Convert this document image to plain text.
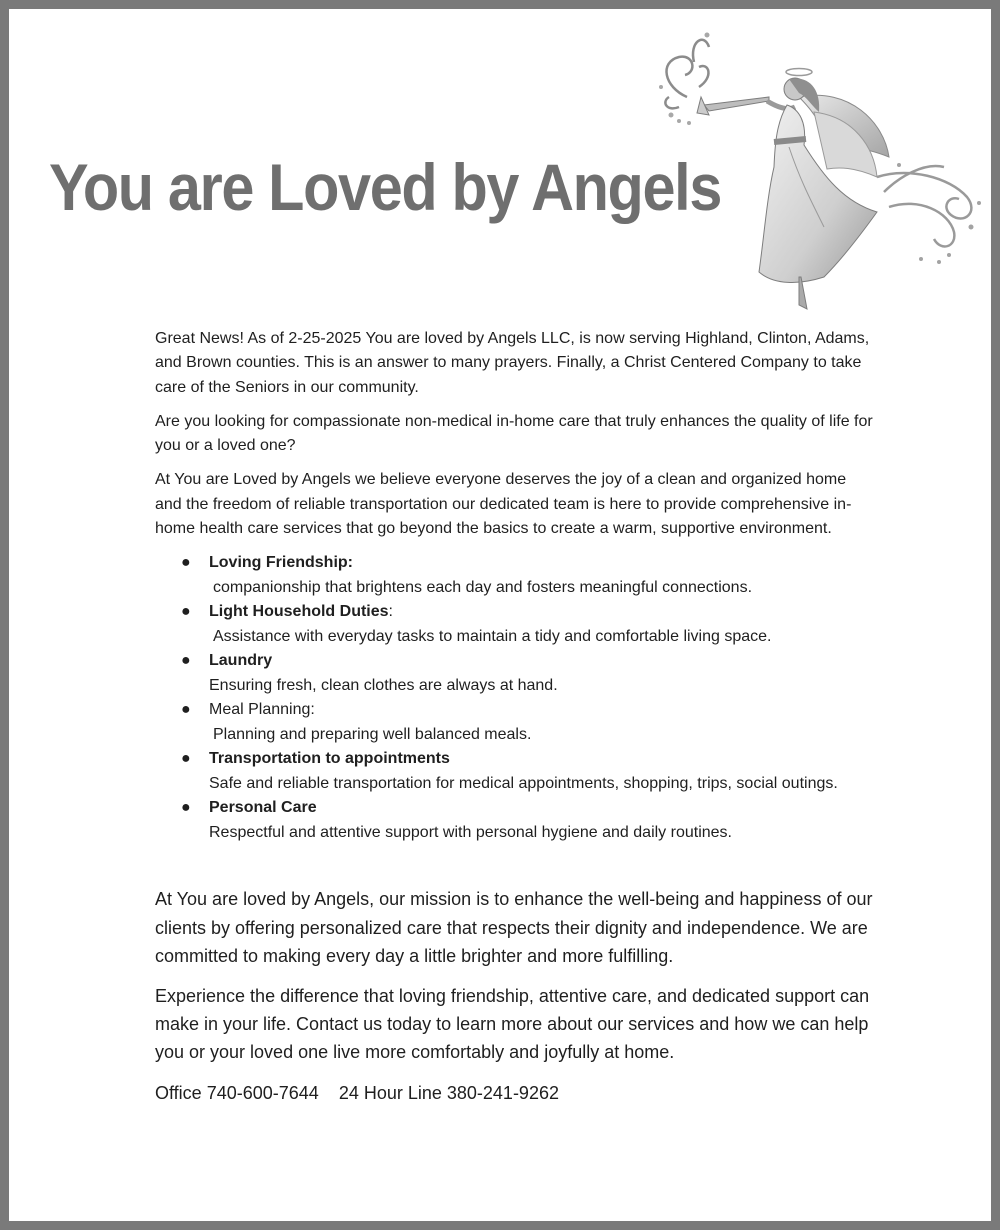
You are Loved by Angels

Great News! As of 2-25-2025 You are loved by Angels LLC, is now serving Highland, Clinton, Adams, and Brown counties. This is an answer to many prayers. Finally, a Christ Centered Company to take care of the Seniors in our community.

Are you looking for compassionate non-medical in-home care that truly enhances the quality of life for you or a loved one?

At You are Loved by Angels we believe everyone deserves the joy of a clean and organized home and the freedom of reliable transportation our dedicated team is here to provide comprehensive in-home health care services that go beyond the basics to create a warm, supportive environment.

● Loving Friendship:
companionship that brightens each day and fosters meaningful connections.
● Light Household Duties:
Assistance with everyday tasks to maintain a tidy and comfortable living space.
● Laundry
Ensuring fresh, clean clothes are always at hand.
● Meal Planning:
Planning and preparing well balanced meals.
● Transportation to appointments
Safe and reliable transportation for medical appointments, shopping, trips, social outings.
● Personal Care
Respectful and attentive support with personal hygiene and daily routines.

At You are loved by Angels, our mission is to enhance the well-being and happiness of our clients by offering personalized care that respects their dignity and independence. We are committed to making every day a little brighter and more fulfilling.

Experience the difference that loving friendship, attentive care, and dedicated support can make in your life. Contact us today to learn more about our services and how we can help you or your loved one live more comfortably and joyfully at home.

Office 740-600-7644 24 Hour Line 380-241-9262
